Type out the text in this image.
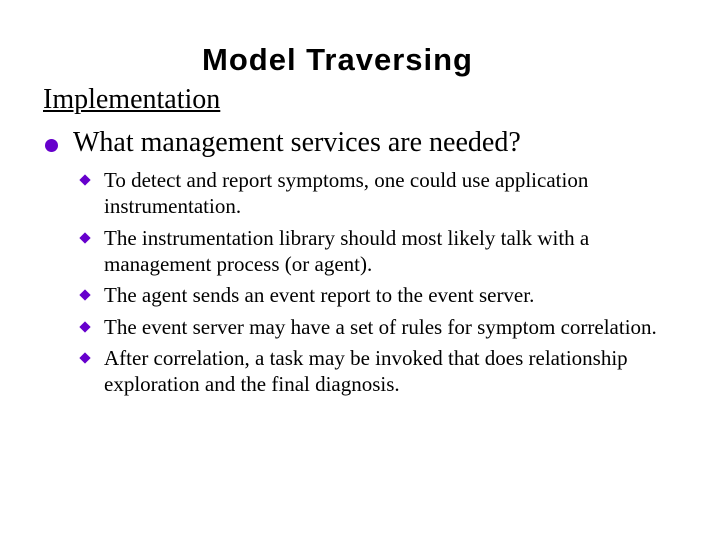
Model Traversing
Implementation
What management services are needed?
To detect and report symptoms, one could use application instrumentation.
The instrumentation library should most likely talk with a management process (or agent).
The agent sends an event report to the event server.
The event server may have a set of rules for symptom correlation.
After correlation, a task may be invoked that does relationship exploration and the final diagnosis.
